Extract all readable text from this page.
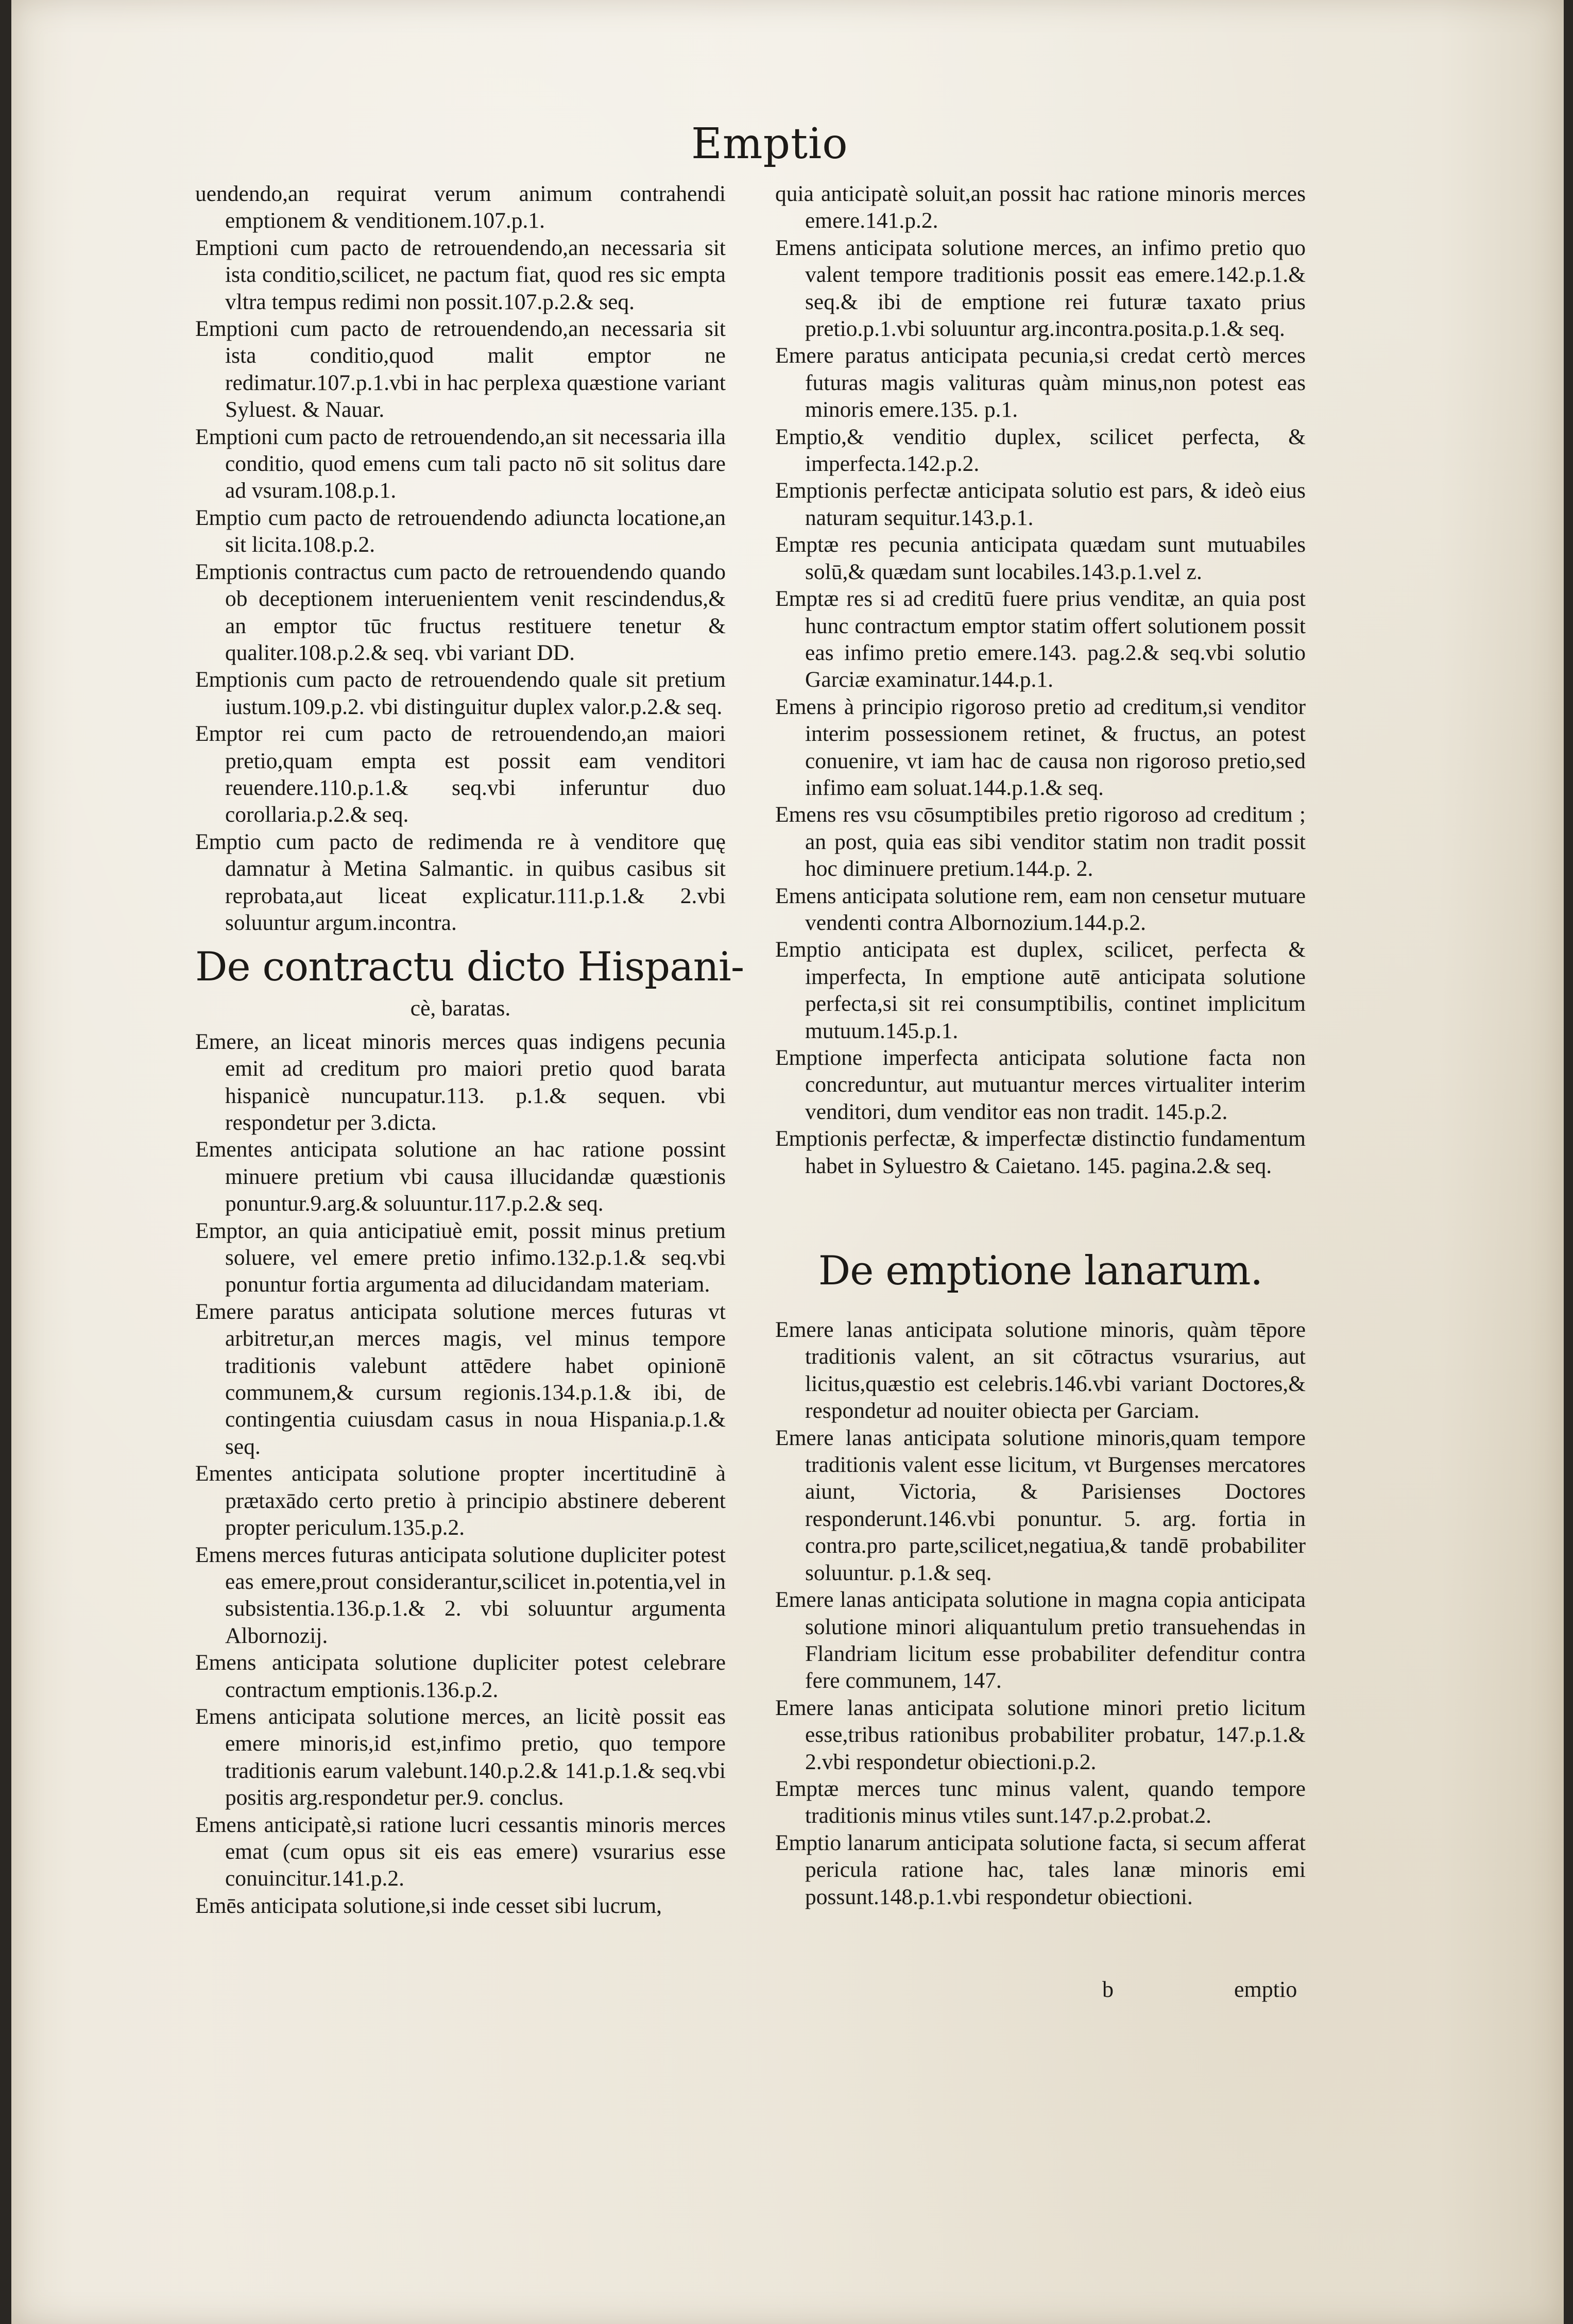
Emptio

uendendo,an requirat verum animum contrahendi emptionem & venditionem.107.p.1.

Emptioni cum pacto de retrouendendo,an necessaria sit ista conditio,scilicet, ne pactum fiat, quod res sic empta vltra tempus redimi non possit.107.p.2.& seq.

Emptioni cum pacto de retrouendendo,an necessaria sit ista conditio,quod malit emptor ne redimatur.107.p.1.vbi in hac perplexa quæstione variant Syluest. & Nauar.

Emptioni cum pacto de retrouendendo,an sit necessaria illa conditio, quod emens cum tali pacto nō sit solitus dare ad vsuram.108.p.1.

Emptio cum pacto de retrouendendo adiuncta locatione,an sit licita.108.p.2.

Emptionis contractus cum pacto de retrouendendo quando ob deceptionem interuenientem venit rescindendus,& an emptor tūc fructus restituere tenetur & qualiter.108.p.2.& seq. vbi variant DD.

Emptionis cum pacto de retrouendendo quale sit pretium iustum.109.p.2. vbi distinguitur duplex valor.p.2.& seq.

Emptor rei cum pacto de retrouendendo,an maiori pretio,quam empta est possit eam venditori reuendere.110.p.1.& seq.vbi inferuntur duo corollaria.p.2.& seq.

Emptio cum pacto de redimenda re à venditore quę damnatur à Metina Salmantic. in quibus casibus sit reprobata,aut liceat explicatur.111.p.1.& 2.vbi soluuntur argum.incontra.

De contractu dicto Hispani-
cè, baratas.

Emere, an liceat minoris merces quas indigens pecunia emit ad creditum pro maiori pretio quod barata hispanicè nuncupatur.113. p.1.& sequen. vbi respondetur per 3.dicta.

Ementes anticipata solutione an hac ratione possint minuere pretium vbi causa illucidandæ quæstionis ponuntur.9.arg.& soluuntur.117.p.2.& seq.

Emptor, an quia anticipatiuè emit, possit minus pretium soluere, vel emere pretio infimo.132.p.1.& seq.vbi ponuntur fortia argumenta ad dilucidandam materiam.

Emere paratus anticipata solutione merces futuras vt arbitretur,an merces magis, vel minus tempore traditionis valebunt attēdere habet opinionē communem,& cursum regionis.134.p.1.& ibi, de contingentia cuiusdam casus in noua Hispania.p.1.& seq.

Ementes anticipata solutione propter incertitudinē à prætaxādo certo pretio à principio abstinere deberent propter periculum.135.p.2.

Emens merces futuras anticipata solutione dupliciter potest eas emere,prout considerantur,scilicet in.potentia,vel in subsistentia.136.p.1.& 2. vbi soluuntur argumenta Albornozij.

Emens anticipata solutione dupliciter potest celebrare contractum emptionis.136.p.2.

Emens anticipata solutione merces, an licitè possit eas emere minoris,id est,infimo pretio, quo tempore traditionis earum valebunt.140.p.2.& 141.p.1.& seq.vbi positis arg.respondetur per.9. conclus.

Emens anticipatè,si ratione lucri cessantis minoris merces emat (cum opus sit eis eas emere) vsurarius esse conuincitur.141.p.2.

Emēs anticipata solutione,si inde cesset sibi lucrum,

quia anticipatè soluit,an possit hac ratione minoris merces emere.141.p.2.

Emens anticipata solutione merces, an infimo pretio quo valent tempore traditionis possit eas emere.142.p.1.& seq.& ibi de emptione rei futuræ taxato prius pretio.p.1.vbi soluuntur arg.incontra.posita.p.1.& seq.

Emere paratus anticipata pecunia,si credat certò merces futuras magis valituras quàm minus,non potest eas minoris emere.135. p.1.

Emptio,& venditio duplex, scilicet perfecta, & imperfecta.142.p.2.

Emptionis perfectæ anticipata solutio est pars, & ideò eius naturam sequitur.143.p.1.

Emptæ res pecunia anticipata quædam sunt mutuabiles solū,& quædam sunt locabiles.143.p.1.vel z.

Emptæ res si ad creditū fuere prius venditæ, an quia post hunc contractum emptor statim offert solutionem possit eas infimo pretio emere.143. pag.2.& seq.vbi solutio Garciæ examinatur.144.p.1.

Emens à principio rigoroso pretio ad creditum,si venditor interim possessionem retinet, & fructus, an potest conuenire, vt iam hac de causa non rigoroso pretio,sed infimo eam soluat.144.p.1.& seq.

Emens res vsu cōsumptibiles pretio rigoroso ad creditum ; an post, quia eas sibi venditor statim non tradit possit hoc diminuere pretium.144.p. 2.

Emens anticipata solutione rem, eam non censetur mutuare vendenti contra Albornozium.144.p.2.

Emptio anticipata est duplex, scilicet, perfecta & imperfecta, In emptione autē anticipata solutione perfecta,si sit rei consumptibilis, continet implicitum mutuum.145.p.1.

Emptione imperfecta anticipata solutione facta non concreduntur, aut mutuantur merces virtualiter interim venditori, dum venditor eas non tradit. 145.p.2.

Emptionis perfectæ, & imperfectæ distinctio fundamentum habet in Syluestro & Caietano. 145. pagina.2.& seq.

De emptione lanarum.

Emere lanas anticipata solutione minoris, quàm tēpore traditionis valent, an sit cōtractus vsurarius, aut licitus,quæstio est celebris.146.vbi variant Doctores,& respondetur ad nouiter obiecta per Garciam.

Emere lanas anticipata solutione minoris,quam tempore traditionis valent esse licitum, vt Burgenses mercatores aiunt, Victoria, & Parisienses Doctores responderunt.146.vbi ponuntur. 5. arg. fortia in contra.pro parte,scilicet,negatiua,& tandē probabiliter soluuntur. p.1.& seq.

Emere lanas anticipata solutione in magna copia anticipata solutione minori aliquantulum pretio transuehendas in Flandriam licitum esse probabiliter defenditur contra fere communem, 147.

Emere lanas anticipata solutione minori pretio licitum esse,tribus rationibus probabiliter probatur, 147.p.1.& 2.vbi respondetur obiectioni.p.2.

Emptæ merces tunc minus valent, quando tempore traditionis minus vtiles sunt.147.p.2.probat.2.

Emptio lanarum anticipata solutione facta, si secum afferat pericula ratione hac, tales lanæ minoris emi possunt.148.p.1.vbi respondetur obiectioni.

b	emptio
